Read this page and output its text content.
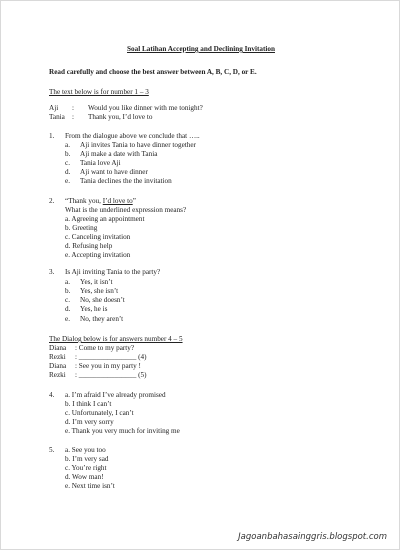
Soal Latihan Accepting and Declining Invitation
Read carefully and choose the best answer between A, B, C, D, or E.
The text below is for number 1 – 3
Aji : Would you like dinner with me tonight?
Tania : Thank you, I’d love to
1. From the dialogue above we conclude that …..
a. Aji invites Tania to have dinner together
b. Aji make a date with Tania
c. Tania love Aji
d. Aji want to have dinner
e. Tania declines the the invitation
2. “Thank you, I’d love to”
What is the underlined expression means?
a. Agreeing an appointment
b. Greeting
c. Canceling invitation
d. Refusing help
e. Accepting invitation
3. Is Aji inviting Tania to the party?
a. Yes, it isn’t
b. Yes, she isn’t
c. No, she doesn’t
d. Yes, he is
e. No, they aren’t
The Dialog below is for answers number 4 – 5
Diana : Come to my party?
Rezki : ________________ (4)
Diana : See you in my party !
Rezki : ________________ (5)
4. a. I’m afraid I’ve already promised
b. I think I can’t
c. Unfortunately, I can’t
d. I’m very sorry
e. Thank you very much for inviting me
5. a. See you too
b. I’m very sad
c. You’re right
d. Wow man!
e. Next time isn’t
Jagoanbahasainggris.blogspot.com
